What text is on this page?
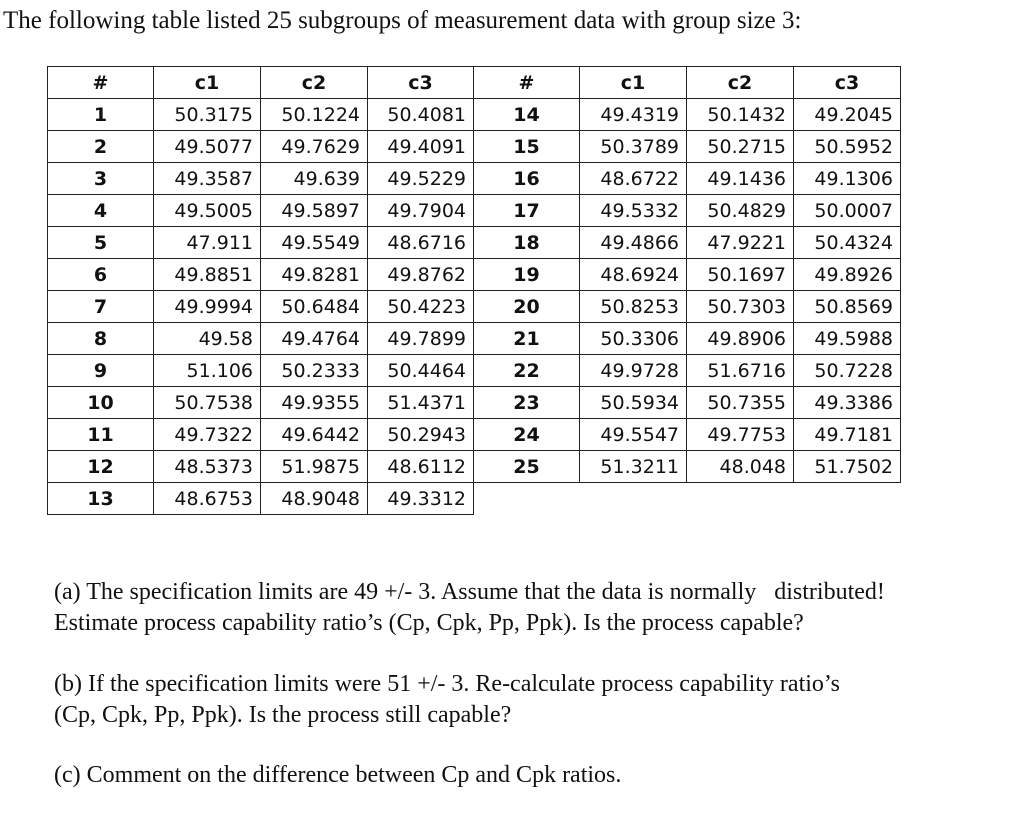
The following table listed 25 subgroups of measurement data with group size 3:
#	c1	c2	c3
1	50.3175	50.1224	50.4081
2	49.5077	49.7629	49.4091
3	49.3587	49.639	49.5229
4	49.5005	49.5897	49.7904
5	47.911	49.5549	48.6716
6	49.8851	49.8281	49.8762
7	49.9994	50.6484	50.4223
8	49.58	49.4764	49.7899
9	51.106	50.2333	50.4464
10	50.7538	49.9355	51.4371
11	49.7322	49.6442	50.2943
12	48.5373	51.9875	48.6112
13	48.6753	48.9048	49.3312
#	c1	c2	c3
14	49.4319	50.1432	49.2045
15	50.3789	50.2715	50.5952
16	48.6722	49.1436	49.1306
17	49.5332	50.4829	50.0007
18	49.4866	47.9221	50.4324
19	48.6924	50.1697	49.8926
20	50.8253	50.7303	50.8569
21	50.3306	49.8906	49.5988
22	49.9728	51.6716	50.7228
23	50.5934	50.7355	49.3386
24	49.5547	49.7753	49.7181
25	51.3211	48.048	51.7502
(a) The specification limits are 49 +/- 3. Assume that the data is normally   distributed!
Estimate process capability ratio’s (Cp, Cpk, Pp, Ppk). Is the process capable?
(b) If the specification limits were 51 +/- 3. Re-calculate process capability ratio’s
(Cp, Cpk, Pp, Ppk). Is the process still capable?
(c) Comment on the difference between Cp and Cpk ratios.
